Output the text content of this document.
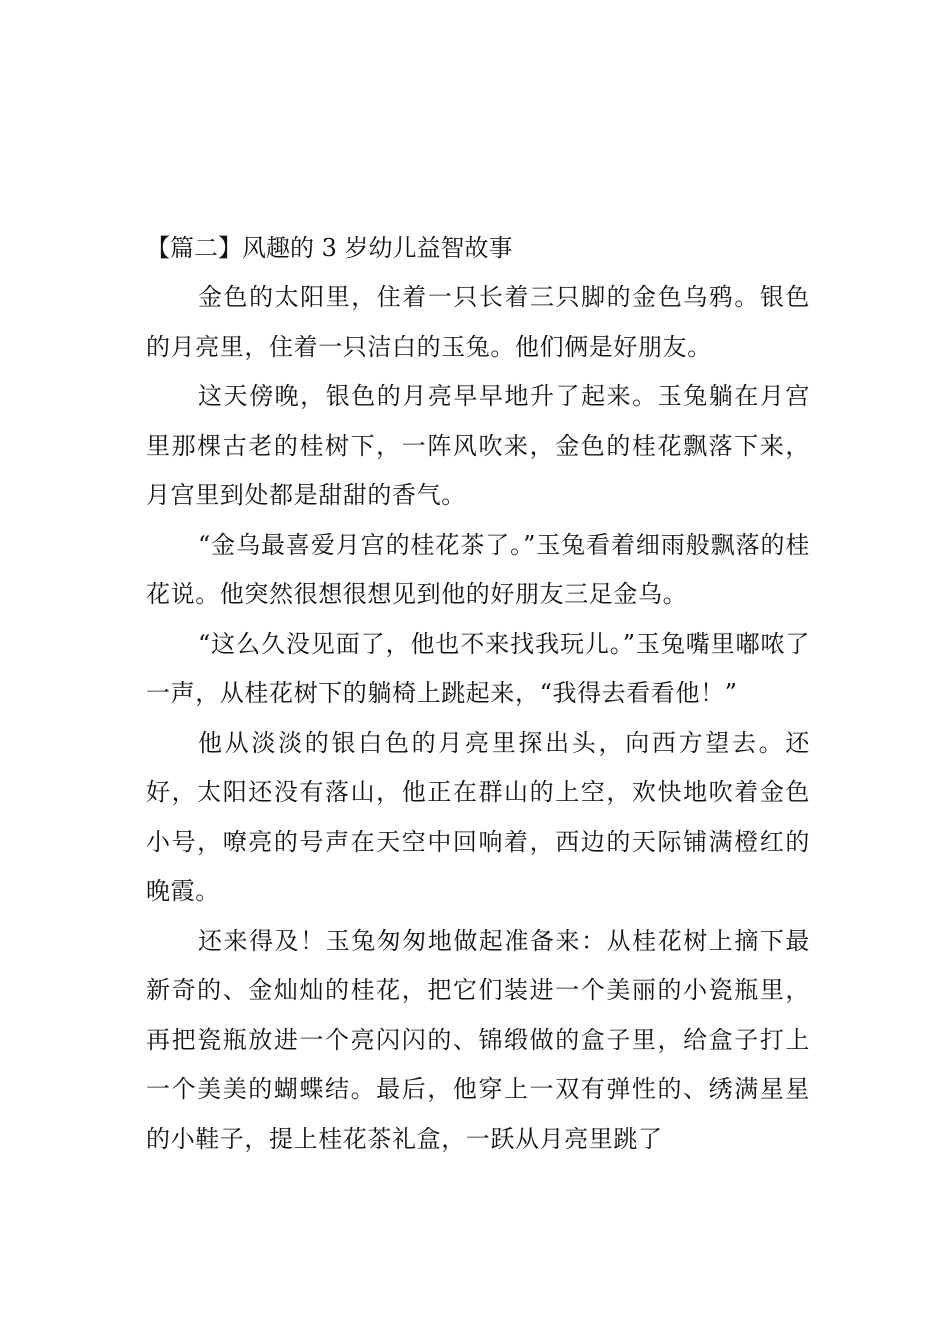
【篇二】风趣的 3 岁幼儿益智故事

金色的太阳里，住着一只长着三只脚的金色乌鸦。银色的月亮里，住着一只洁白的玉兔。他们俩是好朋友。

这天傍晚，银色的月亮早早地升了起来。玉兔躺在月宫里那棵古老的桂树下，一阵风吹来，金色的桂花飘落下来，月宫里到处都是甜甜的香气。

“金乌最喜爱月宫的桂花茶了。”玉兔看着细雨般飘落的桂花说。他突然很想很想见到他的好朋友三足金乌。

“这么久没见面了，他也不来找我玩儿。”玉兔嘴里嘟哝了一声，从桂花树下的躺椅上跳起来，“我得去看看他！”

他从淡淡的银白色的月亮里探出头，向西方望去。还好，太阳还没有落山，他正在群山的上空，欢快地吹着金色小号，嘹亮的号声在天空中回响着，西边的天际铺满橙红的晚霞。

还来得及！玉兔匆匆地做起准备来：从桂花树上摘下最新奇的、金灿灿的桂花，把它们装进一个美丽的小瓷瓶里，再把瓷瓶放进一个亮闪闪的、锦缎做的盒子里，给盒子打上一个美美的蝴蝶结。最后，他穿上一双有弹性的、绣满星星的小鞋子，提上桂花茶礼盒，一跃从月亮里跳了
